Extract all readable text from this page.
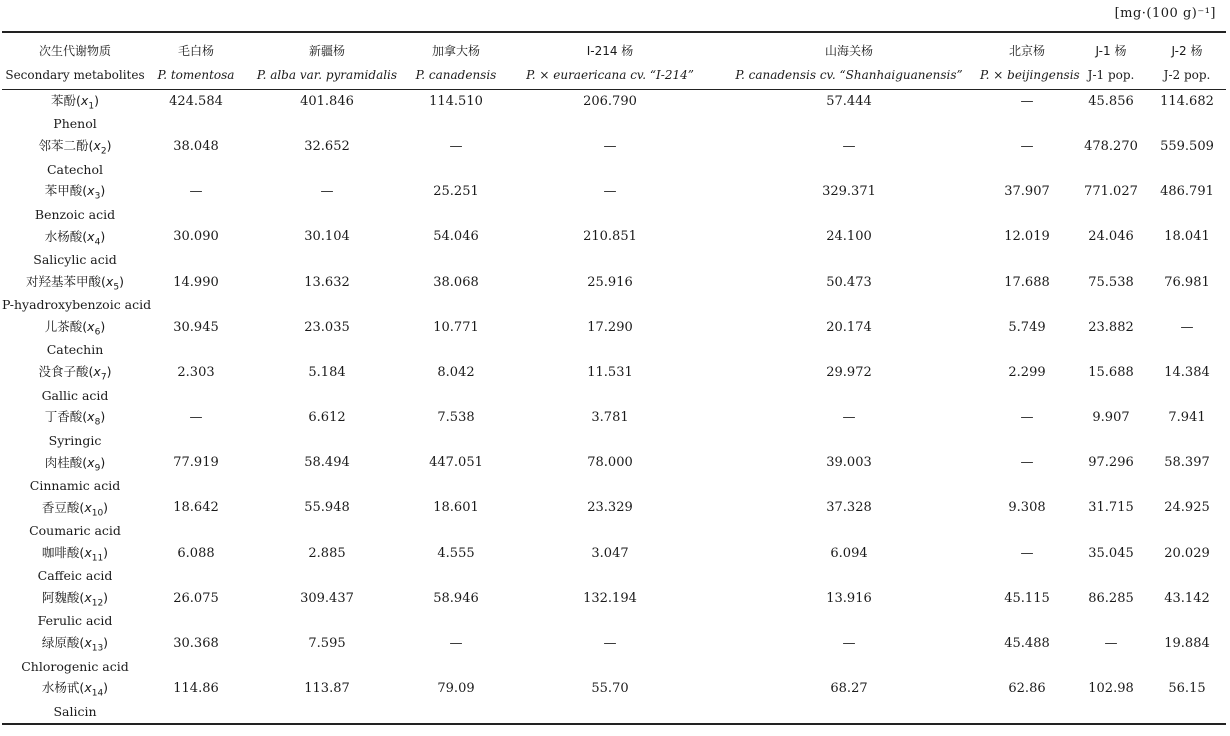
[mg·(100 g)⁻¹]
次生代谢物质	毛白杨	新疆杨	加拿大杨	I-214 杨	山海关杨	北京杨	J-1 杨	J-2 杨
Secondary metabolites	P. tomentosa	P. alba var. pyramidalis	P. canadensis	P. × euraericana cv. “I-214”	P. canadensis cv. “Shanhaiguanensis”	P. × beijingensis	J-1 pop.	J-2 pop.
苯酚$(x_1)$	424.584	401.846	114.510	206.790	57.444	—	45.856	114.682
Phenol								
邻苯二酚$(x_2)$	38.048	32.652	—	—	—	—	478.270	559.509
Catechol								
苯甲酸$(x_3)$	—	—	25.251	—	329.371	37.907	771.027	486.791
Benzoic acid								
水杨酸$(x_4)$	30.090	30.104	54.046	210.851	24.100	12.019	24.046	18.041
Salicylic acid								
对羟基苯甲酸$(x_5)$	14.990	13.632	38.068	25.916	50.473	17.688	75.538	76.981
P-hyadroxybenzoic acid								
儿茶酸$(x_6)$	30.945	23.035	10.771	17.290	20.174	5.749	23.882	—
Catechin								
没食子酸$(x_7)$	2.303	5.184	8.042	11.531	29.972	2.299	15.688	14.384
Gallic acid								
丁香酸$(x_8)$	—	6.612	7.538	3.781	—	—	9.907	7.941
Syringic								
肉桂酸$(x_9)$	77.919	58.494	447.051	78.000	39.003	—	97.296	58.397
Cinnamic acid								
香豆酸$(x_{10})$	18.642	55.948	18.601	23.329	37.328	9.308	31.715	24.925
Coumaric acid								
咖啡酸$(x_{11})$	6.088	2.885	4.555	3.047	6.094	—	35.045	20.029
Caffeic acid								
阿魏酸$(x_{12})$	26.075	309.437	58.946	132.194	13.916	45.115	86.285	43.142
Ferulic acid								
绿原酸$(x_{13})$	30.368	7.595	—	—	—	45.488	—	19.884
Chlorogenic acid								
水杨甙$(x_{14})$	114.86	113.87	79.09	55.70	68.27	62.86	102.98	56.15
Salicin								
